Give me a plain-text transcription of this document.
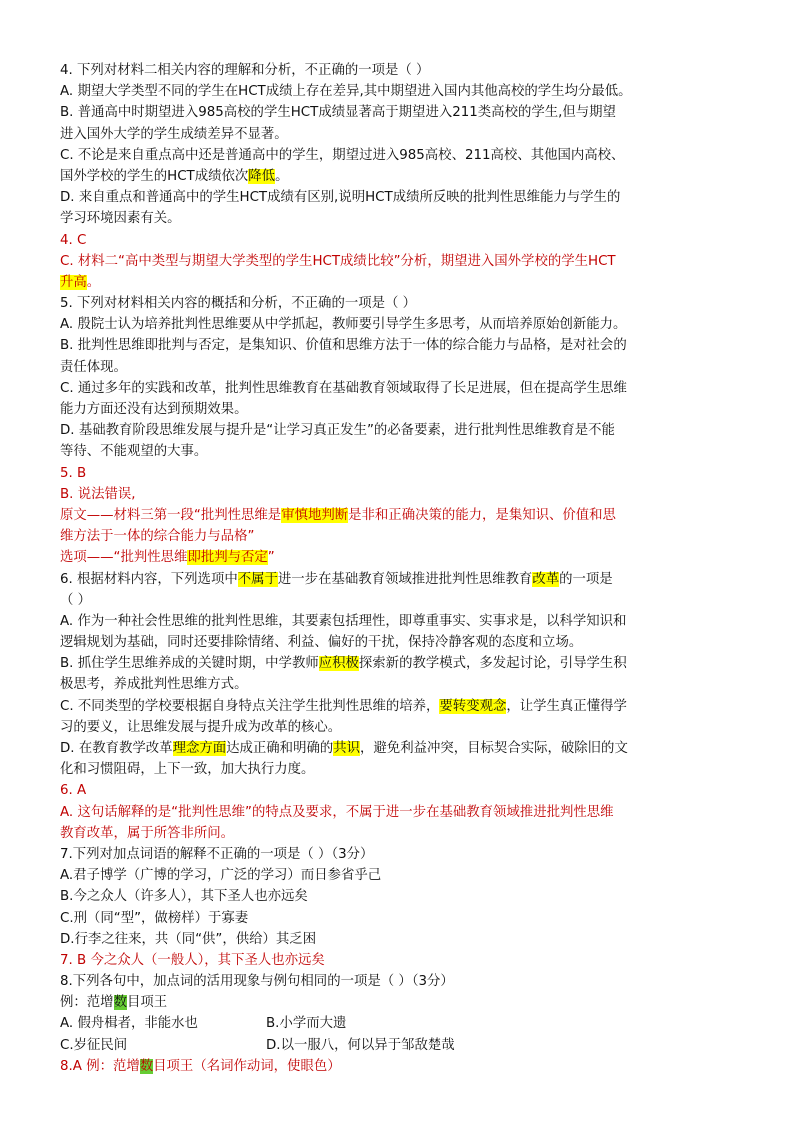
4. 下列对材料二相关内容的理解和分析，不正确的一项是（ ）
A. 期望大学类型不同的学生在HCT成绩上存在差异,其中期望进入国内其他高校的学生均分最低。
B. 普通高中时期望进入985高校的学生HCT成绩显著高于期望进入211类高校的学生,但与期望
进入国外大学的学生成绩差异不显著。
C. 不论是来自重点高中还是普通高中的学生，期望过进入985高校、211高校、其他国内高校、
国外学校的学生的HCT成绩依次降低。
D. 来自重点和普通高中的学生HCT成绩有区别,说明HCT成绩所反映的批判性思维能力与学生的
学习环境因素有关。
4. C
C. 材料二“高中类型与期望大学类型的学生HCT成绩比较”分析，期望进入国外学校的学生HCT
升高。
5. 下列对材料相关内容的概括和分析，不正确的一项是（ ）
A. 殷院士认为培养批判性思维要从中学抓起，教师要引导学生多思考，从而培养原始创新能力。
B. 批判性思维即批判与否定，是集知识、价值和思维方法于一体的综合能力与品格，是对社会的
责任体现。
C. 通过多年的实践和改革，批判性思维教育在基础教育领域取得了长足进展，但在提高学生思维
能力方面还没有达到预期效果。
D. 基础教育阶段思维发展与提升是“让学习真正发生”的必备要素，进行批判性思维教育是不能
等待、不能观望的大事。
5. B
B. 说法错误,
原文——材料三第一段“批判性思维是审慎地判断是非和正确决策的能力，是集知识、价值和思
维方法于一体的综合能力与品格”
选项——“批判性思维即批判与否定”
6. 根据材料内容，下列选项中不属于进一步在基础教育领域推进批判性思维教育改革的一项是
（ ）
A. 作为一种社会性思维的批判性思维，其要素包括理性，即尊重事实、实事求是，以科学知识和
逻辑规划为基础，同时还要排除情绪、利益、偏好的干扰，保持冷静客观的态度和立场。
B. 抓住学生思维养成的关键时期，中学教师应积极探索新的教学模式，多发起讨论，引导学生积
极思考，养成批判性思维方式。
C. 不同类型的学校要根据自身特点关注学生批判性思维的培养，要转变观念，让学生真正懂得学
习的要义，让思维发展与提升成为改革的核心。
D. 在教育教学改革理念方面达成正确和明确的共识，避免利益冲突，目标契合实际，破除旧的文
化和习惯阻碍，上下一致，加大执行力度。
6. A
A. 这句话解释的是“批判性思维”的特点及要求，不属于进一步在基础教育领域推进批判性思维
教育改革，属于所答非所问。
7.下列对加点词语的解释不正确的一项是（ ）（3分）
A.君子博学（广博的学习，广泛的学习）而日参省乎己
B.今之众人（许多人），其下圣人也亦远矣
C.刑（同“型”，做榜样）于寡妻
D.行李之往来，共（同“供”，供给）其乏困
7. B 今之众人（一般人），其下圣人也亦远矣
8.下列各句中，加点词的活用现象与例句相同的一项是（ ）（3分）
例：范增数目项王
A. 假舟楫者，非能水也	B.小学而大遗
C.岁征民间	D.以一服八，何以异于邹敌楚哉
8.A 例：范增数目项王（名词作动词，使眼色）
